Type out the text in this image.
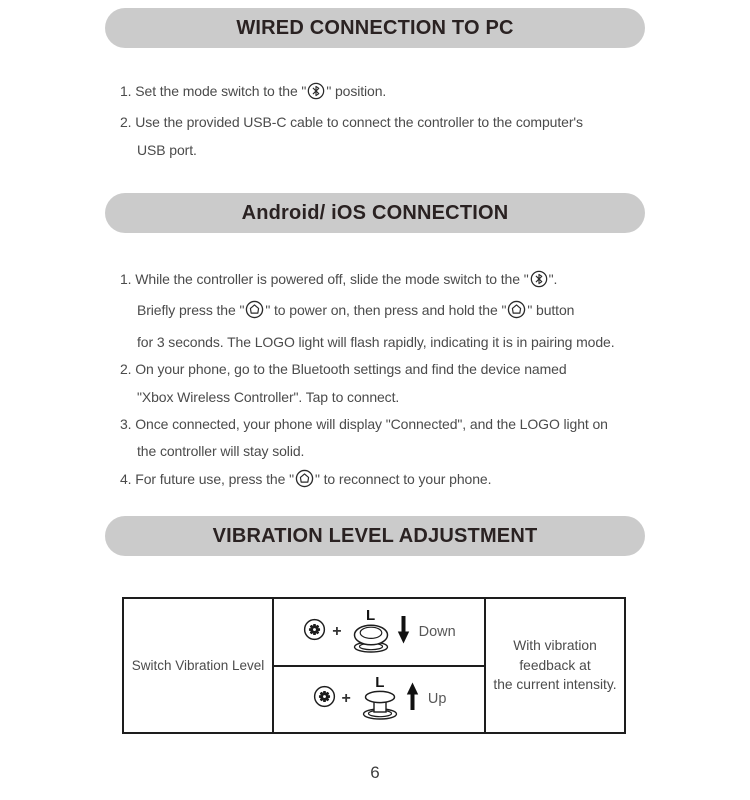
WIRED CONNECTION TO PC
1. Set the mode switch to the " " position.
2. Use the provided USB-C cable to connect the controller to the computer's
USB port.
Android/ iOS CONNECTION
1. While the controller is powered off, slide the mode switch to the " ".
Briefly press the " " to power on, then press and hold the " " button
for 3 seconds. The LOGO light will flash rapidly, indicating it is in pairing mode.
2. On your phone, go to the Bluetooth settings and find the device named
"Xbox Wireless Controller". Tap to connect.
3. Once connected, your phone will display "Connected", and the LOGO light on
the controller will stay solid.
4. For future use, press the " " to reconnect to your phone.
VIBRATION LEVEL ADJUSTMENT
Switch Vibration Level
+
L
Down
+
L
Up
With vibration
feedback at
the current intensity.
6
